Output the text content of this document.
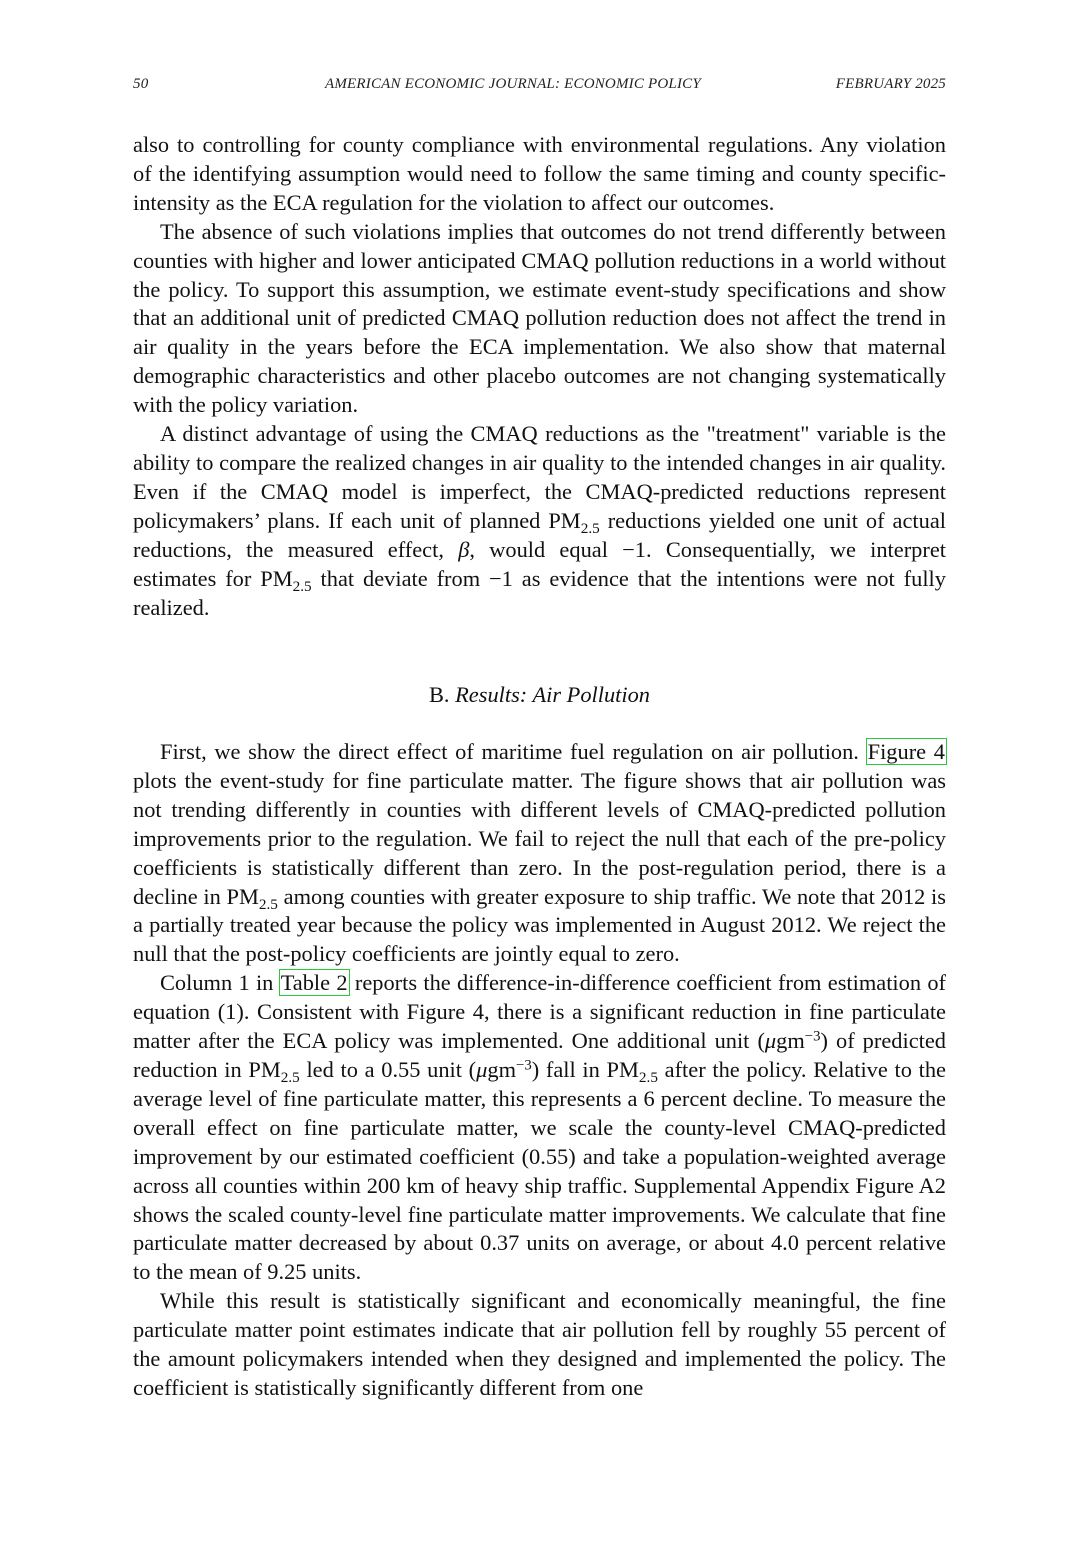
50	AMERICAN ECONOMIC JOURNAL: ECONOMIC POLICY	FEBRUARY 2025

also to controlling for county compliance with environmental regulations. Any violation of the identifying assumption would need to follow the same timing and county specific-intensity as the ECA regulation for the violation to affect our outcomes.

The absence of such violations implies that outcomes do not trend differently between counties with higher and lower anticipated CMAQ pollution reductions in a world without the policy. To support this assumption, we estimate event-study specifications and show that an additional unit of predicted CMAQ pollution reduction does not affect the trend in air quality in the years before the ECA implementation. We also show that maternal demographic characteristics and other placebo outcomes are not changing systematically with the policy variation.

A distinct advantage of using the CMAQ reductions as the "treatment" variable is the ability to compare the realized changes in air quality to the intended changes in air quality. Even if the CMAQ model is imperfect, the CMAQ-predicted reductions represent policymakers’ plans. If each unit of planned $PM_{2.5}$ reductions yielded one unit of actual reductions, the measured effect, β, would equal −1. Consequentially, we interpret estimates for $PM_{2.5}$ that deviate from −1 as evidence that the intentions were not fully realized.

B. Results: Air Pollution

First, we show the direct effect of maritime fuel regulation on air pollution. Figure 4 plots the event-study for fine particulate matter. The figure shows that air pollution was not trending differently in counties with different levels of CMAQ-predicted pollution improvements prior to the regulation. We fail to reject the null that each of the pre-policy coefficients is statistically different than zero. In the post-regulation period, there is a decline in $PM_{2.5}$ among counties with greater exposure to ship traffic. We note that 2012 is a partially treated year because the policy was implemented in August 2012. We reject the null that the post-policy coefficients are jointly equal to zero.

Column 1 in Table 2 reports the difference-in-difference coefficient from estimation of equation (1). Consistent with Figure 4, there is a significant reduction in fine particulate matter after the ECA policy was implemented. One additional unit (μgm$^{-3}$) of predicted reduction in $PM_{2.5}$ led to a 0.55 unit (μgm$^{-3}$) fall in $PM_{2.5}$ after the policy. Relative to the average level of fine particulate matter, this represents a 6 percent decline. To measure the overall effect on fine particulate matter, we scale the county-level CMAQ-predicted improvement by our estimated coefficient (0.55) and take a population-weighted average across all counties within 200 km of heavy ship traffic. Supplemental Appendix Figure A2 shows the scaled county-level fine particulate matter improvements. We calculate that fine particulate matter decreased by about 0.37 units on average, or about 4.0 percent relative to the mean of 9.25 units.

While this result is statistically significant and economically meaningful, the fine particulate matter point estimates indicate that air pollution fell by roughly 55 percent of the amount policymakers intended when they designed and implemented the policy. The coefficient is statistically significantly different from one
